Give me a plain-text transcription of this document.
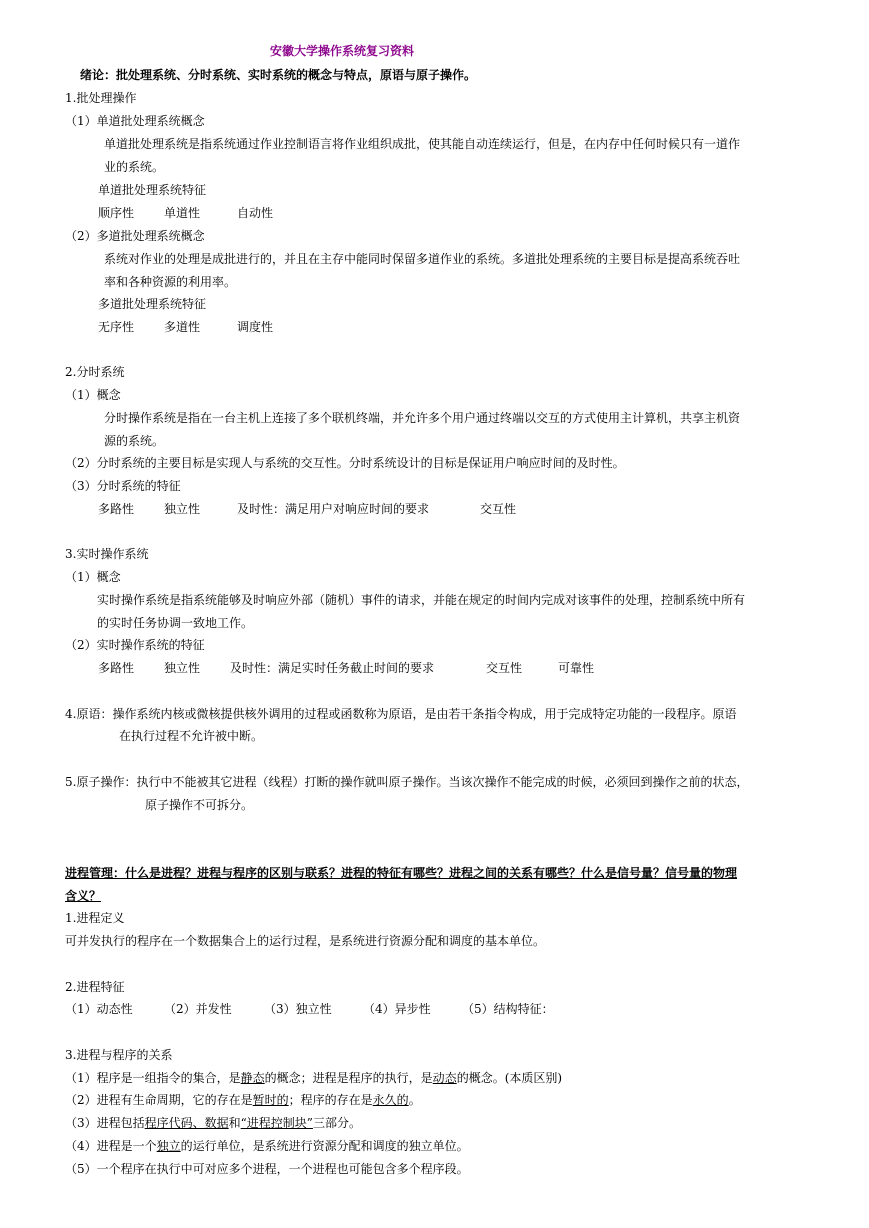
安徽大学操作系统复习资料
绪论：批处理系统、分时系统、实时系统的概念与特点，原语与原子操作。
1.批处理操作
（1）单道批处理系统概念
单道批处理系统是指系统通过作业控制语言将作业组织成批，使其能自动连续运行，但是，在内存中任何时候只有一道作
业的系统。
单道批处理系统特征
顺序性 单道性	自动性
（2）多道批处理系统概念
系统对作业的处理是成批进行的，并且在主存中能同时保留多道作业的系统。多道批处理系统的主要目标是提高系统吞吐
率和各种资源的利用率。
多道批处理系统特征
无序性 多道性	调度性
2.分时系统
（1）概念
分时操作系统是指在一台主机上连接了多个联机终端，并允许多个用户通过终端以交互的方式使用主计算机，共享主机资
源的系统。
（2）分时系统的主要目标是实现人与系统的交互性。分时系统设计的目标是保证用户响应时间的及时性。
（3）分时系统的特征
多路性 独立性	及时性：满足用户对响应时间的要求	交互性
3.实时操作系统
（1）概念
实时操作系统是指系统能够及时响应外部（随机）事件的请求，并能在规定的时间内完成对该事件的处理，控制系统中所有
的实时任务协调一致地工作。
（2）实时操作系统的特征
多路性 独立性 及时性：满足实时任务截止时间的要求	交互性	可靠性
4.原语：操作系统内核或微核提供核外调用的过程或函数称为原语，是由若干条指令构成，用于完成特定功能的一段程序。原语
在执行过程不允许被中断。
5.原子操作：执行中不能被其它进程（线程）打断的操作就叫原子操作。当该次操作不能完成的时候，必须回到操作之前的状态，
原子操作不可拆分。
进程管理：什么是进程？进程与程序的区别与联系？进程的特征有哪些？进程之间的关系有哪些？什么是信号量？信号量的物理
含义？
1.进程定义
可并发执行的程序在一个数据集合上的运行过程，是系统进行资源分配和调度的基本单位。
2.进程特征
（1）动态性	（2）并发性	（3）独立性	（4）异步性	（5）结构特征：
3.进程与程序的关系
（1）程序是一组指令的集合，是静态的概念；进程是程序的执行，是动态的概念。(本质区别)
（2）进程有生命周期，它的存在是暂时的；程序的存在是永久的。
（3）进程包括程序代码、数据和“进程控制块”三部分。
（4）进程是一个独立的运行单位，是系统进行资源分配和调度的独立单位。
（5）一个程序在执行中可对应多个进程，一个进程也可能包含多个程序段。
